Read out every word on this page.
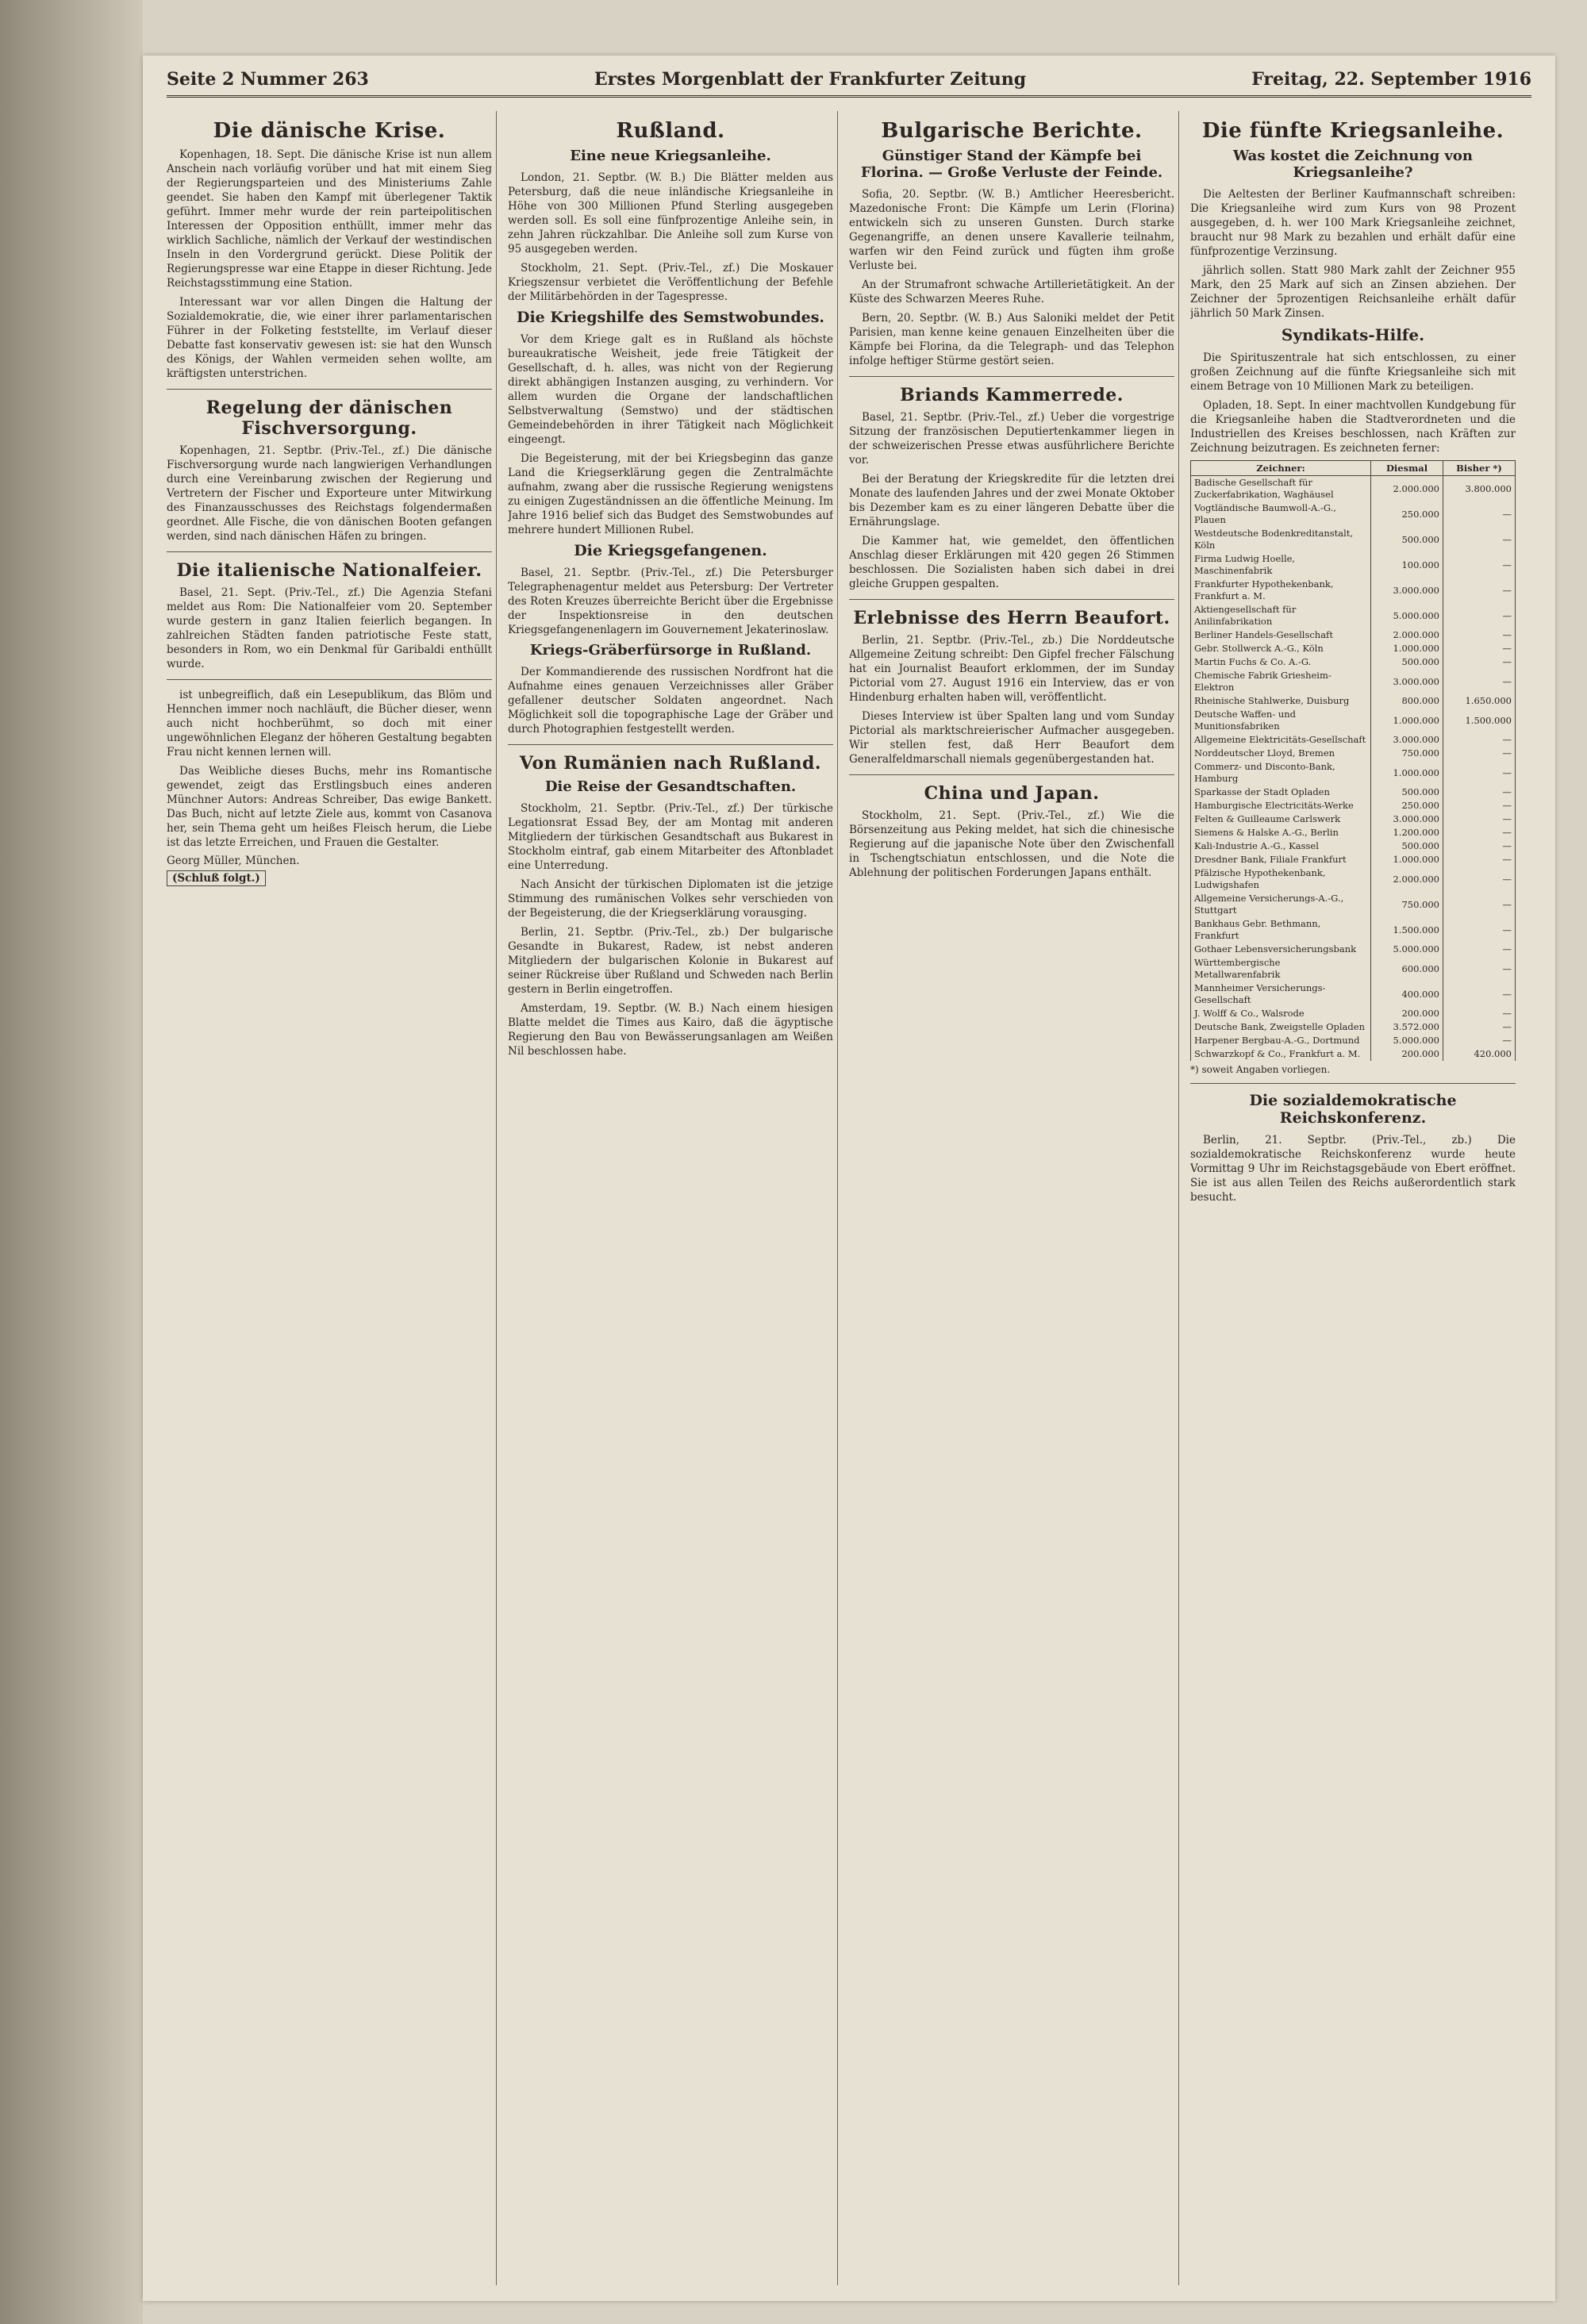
Seite 2 Nummer 263	Erstes Morgenblatt der Frankfurter Zeitung	Freitag, 22. September 1916
Die dänische Krise.

Kopenhagen, 18. Sept. Die dänische Krise ist nun allem Anschein nach vorläufig vorüber und hat mit einem Sieg der Regierungsparteien und des Ministeriums Zahle geendet. Sie haben den Kampf mit überlegener Taktik geführt. Immer mehr wurde der rein parteipolitischen Interessen der Opposition enthüllt, immer mehr das wirklich Sachliche, nämlich der Verkauf der westindischen Inseln in den Vordergrund gerückt. Diese Politik der Regierungspresse war eine Etappe in dieser Richtung. Jede Reichstagsstimmung eine Station.

Interessant war vor allen Dingen die Haltung der Sozialdemokratie, die, wie einer ihrer parlamentarischen Führer in der Folketing feststellte, im Verlauf dieser Debatte fast konservativ gewesen ist: sie hat den Wunsch des Königs, der Wahlen vermeiden sehen wollte, am kräftigsten unterstrichen.

Regelung der dänischen Fischversorgung.

Kopenhagen, 21. Septbr. (Priv.-Tel., zf.) Die dänische Fischversorgung wurde nach langwierigen Verhandlungen durch eine Vereinbarung zwischen der Regierung und Vertretern der Fischer und Exporteure unter Mitwirkung des Finanzausschusses des Reichstags folgendermaßen geordnet. Alle Fische, die von dänischen Booten gefangen werden, sind nach dänischen Häfen zu bringen.

Die italienische Nationalfeier.

Basel, 21. Sept. (Priv.-Tel., zf.) Die Agenzia Stefani meldet aus Rom: Die Nationalfeier vom 20. September wurde gestern in ganz Italien feierlich begangen. In zahlreichen Städten fanden patriotische Feste statt, besonders in Rom, wo ein Denkmal für Garibaldi enthüllt wurde.

ist unbegreiflich, daß ein Lesepublikum, das Blöm und Hennchen immer noch nachläuft, die Bücher dieser, wenn auch nicht hochberühmt, so doch mit einer ungewöhnlichen Eleganz der höheren Gestaltung begabten Frau nicht kennen lernen will.

Das Weibliche dieses Buchs, mehr ins Romantische gewendet, zeigt das Erstlingsbuch eines anderen Münchner Autors: Andreas Schreiber, Das ewige Bankett. Das Buch, nicht auf letzte Ziele aus, kommt von Casanova her, sein Thema geht um heißes Fleisch herum, die Liebe ist das letzte Erreichen, und Frauen die Gestalter.

Georg Müller, München.
(Schluß folgt.)
Rußland.
Eine neue Kriegsanleihe.

London, 21. Septbr. (W. B.) Die Blätter melden aus Petersburg, daß die neue inländische Kriegsanleihe in Höhe von 300 Millionen Pfund Sterling ausgegeben werden soll. Es soll eine fünfprozentige Anleihe sein, in zehn Jahren rückzahlbar. Die Anleihe soll zum Kurse von 95 ausgegeben werden.

Stockholm, 21. Sept. (Priv.-Tel., zf.) Die Moskauer Kriegszensur verbietet die Veröffentlichung der Befehle der Militärbehörden in der Tagespresse.

Die Kriegshilfe des Semstwobundes.

Vor dem Kriege galt es in Rußland als höchste bureaukratische Weisheit, jede freie Tätigkeit der Gesellschaft, d. h. alles, was nicht von der Regierung direkt abhängigen Instanzen ausging, zu verhindern. Vor allem wurden die Organe der landschaftlichen Selbstverwaltung (Semstwo) und der städtischen Gemeindebehörden in ihrer Tätigkeit nach Möglichkeit eingeengt.

Die Begeisterung, mit der bei Kriegsbeginn das ganze Land die Kriegserklärung gegen die Zentralmächte aufnahm, zwang aber die russische Regierung wenigstens zu einigen Zugeständnissen an die öffentliche Meinung. Im Jahre 1916 belief sich das Budget des Semstwobundes auf mehrere hundert Millionen Rubel.

Die Kriegsgefangenen.

Basel, 21. Septbr. (Priv.-Tel., zf.) Die Petersburger Telegraphenagentur meldet aus Petersburg: Der Vertreter des Roten Kreuzes überreichte Bericht über die Ergebnisse der Inspektionsreise in den deutschen Kriegsgefangenenlagern im Gouvernement Jekaterinoslaw.

Kriegs-Gräberfürsorge in Rußland.

Der Kommandierende des russischen Nordfront hat die Aufnahme eines genauen Verzeichnisses aller Gräber gefallener deutscher Soldaten angeordnet. Nach Möglichkeit soll die topographische Lage der Gräber und durch Photographien festgestellt werden.

Von Rumänien nach Rußland.
Die Reise der Gesandtschaften.

Stockholm, 21. Septbr. (Priv.-Tel., zf.) Der türkische Legationsrat Essad Bey, der am Montag mit anderen Mitgliedern der türkischen Gesandtschaft aus Bukarest in Stockholm eintraf, gab einem Mitarbeiter des Aftonbladet eine Unterredung.

Nach Ansicht der türkischen Diplomaten ist die jetzige Stimmung des rumänischen Volkes sehr verschieden von der Begeisterung, die der Kriegserklärung vorausging.

Berlin, 21. Septbr. (Priv.-Tel., zb.) Der bulgarische Gesandte in Bukarest, Radew, ist nebst anderen Mitgliedern der bulgarischen Kolonie in Bukarest auf seiner Rückreise über Rußland und Schweden nach Berlin gestern in Berlin eingetroffen.

Amsterdam, 19. Septbr. (W. B.) Nach einem hiesigen Blatte meldet die Times aus Kairo, daß die ägyptische Regierung den Bau von Bewässerungsanlagen am Weißen Nil beschlossen habe.

Bulgarische Berichte.
Günstiger Stand der Kämpfe bei Florina. — Große Verluste der Feinde.

Sofia, 20. Septbr. (W. B.) Amtlicher Heeresbericht. Mazedonische Front: Die Kämpfe um Lerin (Florina) entwickeln sich zu unseren Gunsten. Durch starke Gegenangriffe, an denen unsere Kavallerie teilnahm, warfen wir den Feind zurück und fügten ihm große Verluste bei.

An der Strumafront schwache Artillerietätigkeit. An der Küste des Schwarzen Meeres Ruhe.

Bern, 20. Septbr. (W. B.) Aus Saloniki meldet der Petit Parisien, man kenne keine genauen Einzelheiten über die Kämpfe bei Florina, da die Telegraph- und das Telephon infolge heftiger Stürme gestört seien.

Briands Kammerrede.

Basel, 21. Septbr. (Priv.-Tel., zf.) Ueber die vorgestrige Sitzung der französischen Deputiertenkammer liegen in der schweizerischen Presse etwas ausführlichere Berichte vor.

Bei der Beratung der Kriegskredite für die letzten drei Monate des laufenden Jahres und der zwei Monate Oktober bis Dezember kam es zu einer längeren Debatte über die Ernährungslage.

Die Kammer hat, wie gemeldet, den öffentlichen Anschlag dieser Erklärungen mit 420 gegen 26 Stimmen beschlossen. Die Sozialisten haben sich dabei in drei gleiche Gruppen gespalten.

Erlebnisse des Herrn Beaufort.

Berlin, 21. Septbr. (Priv.-Tel., zb.) Die Norddeutsche Allgemeine Zeitung schreibt: Den Gipfel frecher Fälschung hat ein Journalist Beaufort erklommen, der im Sunday Pictorial vom 27. August 1916 ein Interview, das er von Hindenburg erhalten haben will, veröffentlicht.

Dieses Interview ist über Spalten lang und vom Sunday Pictorial als marktschreierischer Aufmacher ausgegeben. Wir stellen fest, daß Herr Beaufort dem Generalfeldmarschall niemals gegenübergestanden hat.

China und Japan.

Stockholm, 21. Sept. (Priv.-Tel., zf.) Wie die Börsenzeitung aus Peking meldet, hat sich die chinesische Regierung auf die japanische Note über den Zwischenfall in Tschengtschiatun entschlossen, und die Note die Ablehnung der politischen Forderungen Japans enthält.

Die fünfte Kriegsanleihe.
Was kostet die Zeichnung von Kriegsanleihe?

Die Aeltesten der Berliner Kaufmannschaft schreiben: Die Kriegsanleihe wird zum Kurs von 98 Prozent ausgegeben, d. h. wer 100 Mark Kriegsanleihe zeichnet, braucht nur 98 Mark zu bezahlen und erhält dafür eine fünfprozentige Verzinsung.

jährlich sollen. Statt 980 Mark zahlt der Zeichner 955 Mark, den 25 Mark auf sich an Zinsen abziehen. Der Zeichner der 5prozentigen Reichsanleihe erhält dafür jährlich 50 Mark Zinsen.

Syndikats-Hilfe.

Die Spirituszentrale hat sich entschlossen, zu einer großen Zeichnung auf die fünfte Kriegsanleihe sich mit einem Betrage von 10 Millionen Mark zu beteiligen.

Opladen, 18. Sept. In einer machtvollen Kundgebung für die Kriegsanleihe haben die Stadtverordneten und die Industriellen des Kreises beschlossen, nach Kräften zur Zeichnung beizutragen. Es zeichneten ferner:

Zeichner:	Diesmal	Bisher *)
Badische Gesellschaft für Zuckerfabrikation, Waghäusel	2.000.000	3.800.000
Vogtländische Baumwoll-A.-G., Plauen	250.000	—
Westdeutsche Bodenkreditanstalt, Köln	500.000	—
Firma Ludwig Hoelle, Maschinenfabrik	100.000	—
Frankfurter Hypothekenbank, Frankfurt a. M.	3.000.000	—
Aktiengesellschaft für Anilinfabrikation	5.000.000	—
Berliner Handels-Gesellschaft	2.000.000	—
Gebr. Stollwerck A.-G., Köln	1.000.000	—
Martin Fuchs & Co. A.-G.	500.000	—
Chemische Fabrik Griesheim-Elektron	3.000.000	—
Rheinische Stahlwerke, Duisburg	800.000	1.650.000
Deutsche Waffen- und Munitionsfabriken	1.000.000	1.500.000
Allgemeine Elektricitäts-Gesellschaft	3.000.000	—
Norddeutscher Lloyd, Bremen	750.000	—
Commerz- und Disconto-Bank, Hamburg	1.000.000	—
Sparkasse der Stadt Opladen	500.000	—
Hamburgische Electricitäts-Werke	250.000	—
Felten & Guilleaume Carlswerk	3.000.000	—
Siemens & Halske A.-G., Berlin	1.200.000	—
Kali-Industrie A.-G., Kassel	500.000	—
Dresdner Bank, Filiale Frankfurt	1.000.000	—
Pfälzische Hypothekenbank, Ludwigshafen	2.000.000	—
Allgemeine Versicherungs-A.-G., Stuttgart	750.000	—
Bankhaus Gebr. Bethmann, Frankfurt	1.500.000	—
Gothaer Lebensversicherungsbank	5.000.000	—
Württembergische Metallwarenfabrik	600.000	—
Mannheimer Versicherungs-Gesellschaft	400.000	—
J. Wolff & Co., Walsrode	200.000	—
Deutsche Bank, Zweigstelle Opladen	3.572.000	—
Harpener Bergbau-A.-G., Dortmund	5.000.000	—
Schwarzkopf & Co., Frankfurt a. M.	200.000	420.000
*) soweit Angaben vorliegen.
Die sozialdemokratische Reichskonferenz.

Berlin, 21. Septbr. (Priv.-Tel., zb.) Die sozialdemokratische Reichskonferenz wurde heute Vormittag 9 Uhr im Reichstagsgebäude von Ebert eröffnet. Sie ist aus allen Teilen des Reichs außerordentlich stark besucht.
